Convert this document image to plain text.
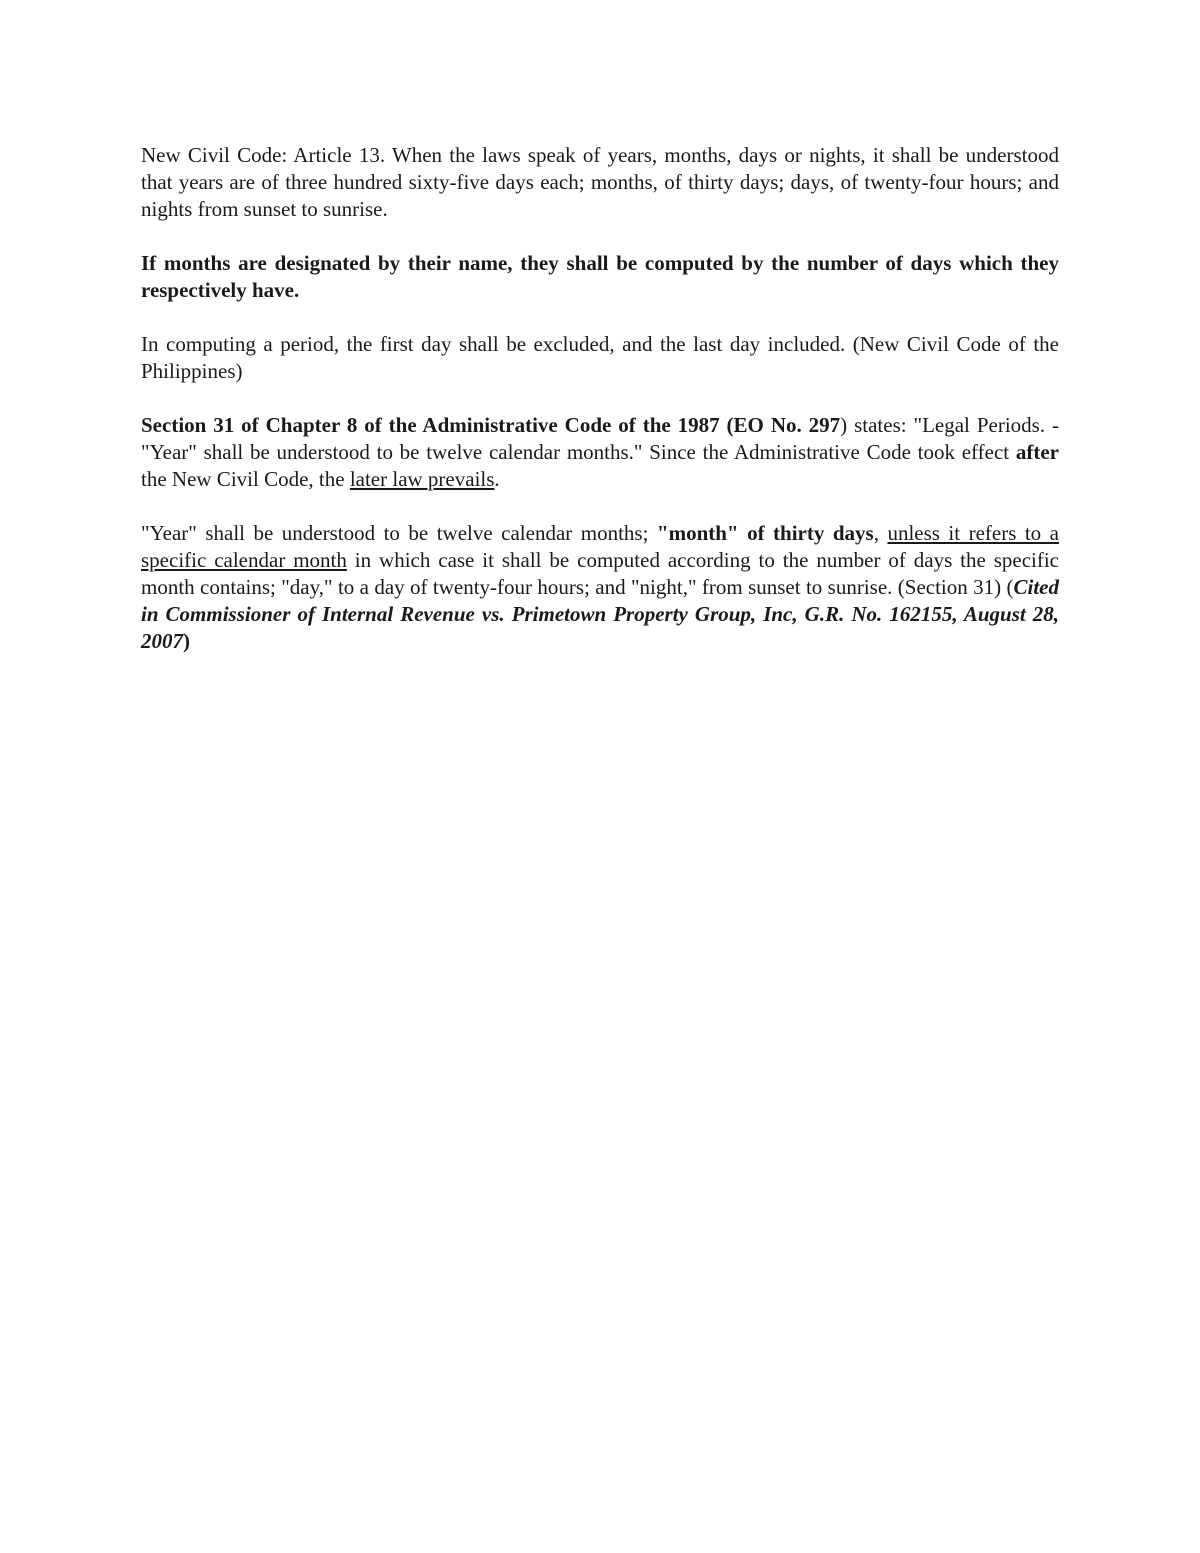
New Civil Code: Article 13. When the laws speak of years, months, days or nights, it shall be understood that years are of three hundred sixty-five days each; months, of thirty days; days, of twenty-four hours; and nights from sunset to sunrise.

If months are designated by their name, they shall be computed by the number of days which they respectively have.

In computing a period, the first day shall be excluded, and the last day included. (New Civil Code of the Philippines)

Section 31 of Chapter 8 of the Administrative Code of the 1987 (EO No. 297) states: "Legal Periods. - "Year" shall be understood to be twelve calendar months." Since the Administrative Code took effect after the New Civil Code, the later law prevails.

"Year" shall be understood to be twelve calendar months; "month" of thirty days, unless it refers to a specific calendar month in which case it shall be computed according to the number of days the specific month contains; "day," to a day of twenty-four hours; and "night," from sunset to sunrise. (Section 31) (Cited in Commissioner of Internal Revenue vs. Primetown Property Group, Inc, G.R. No. 162155, August 28, 2007)
